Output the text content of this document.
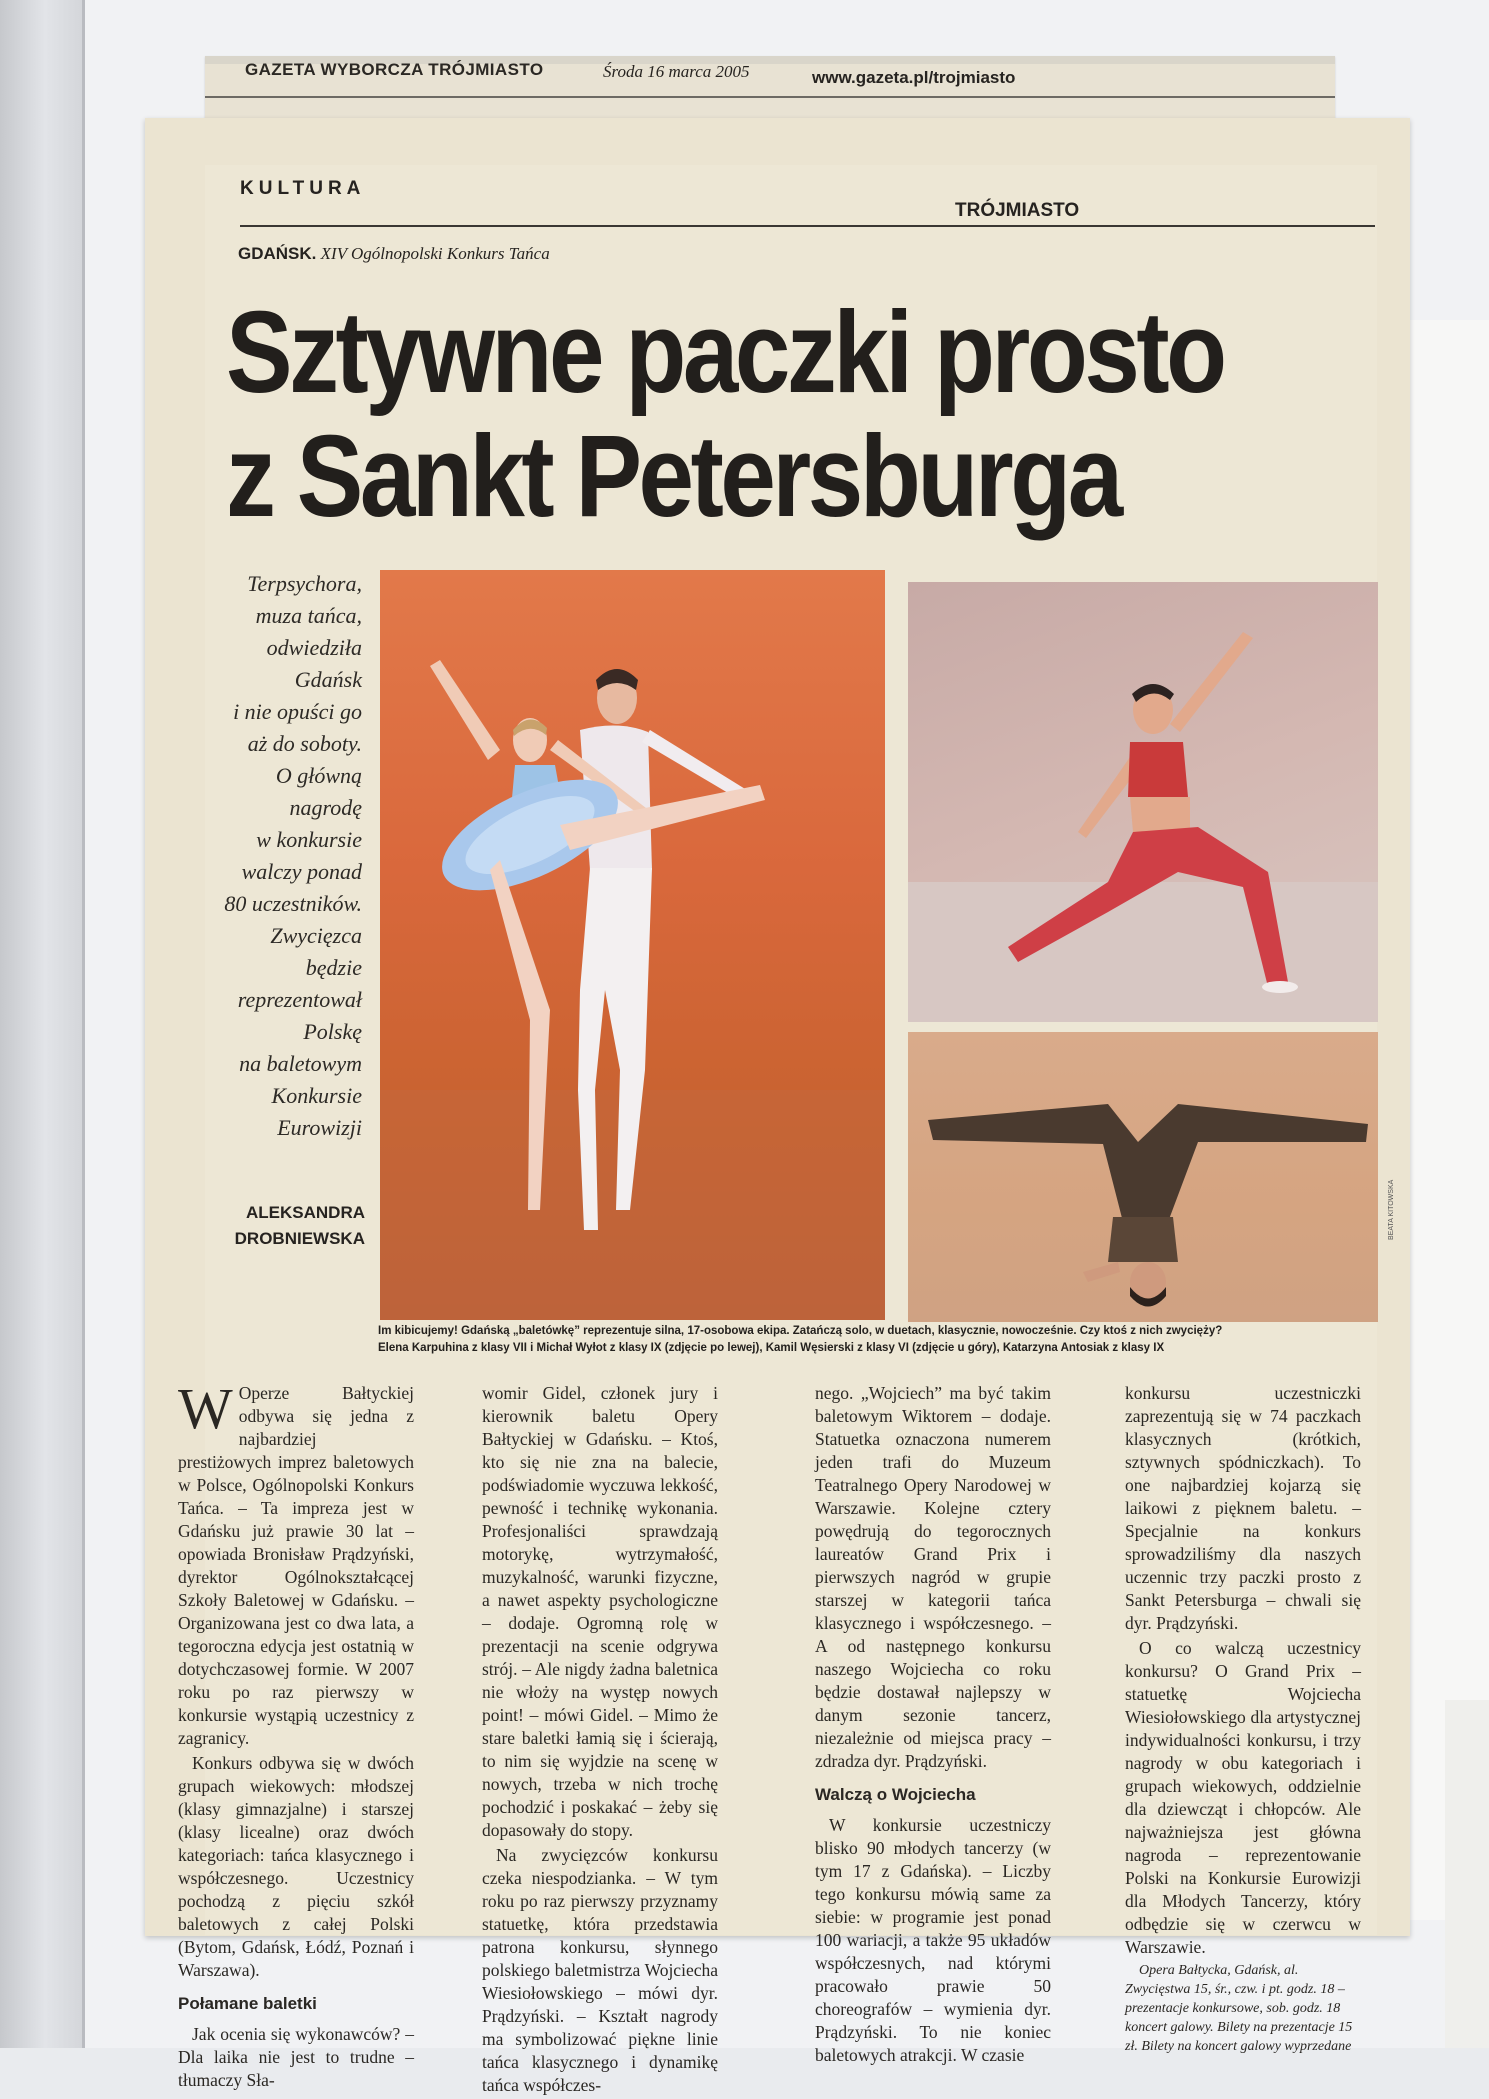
GAZETA WYBORCZA TRÓJMIASTO	Środa 16 marca 2005	www.gazeta.pl/trojmiasto
KULTURA
TRÓJMIASTO
GDAŃSK. XIV Ogólnopolski Konkurs Tańca
Sztywne paczki prosto
z Sankt Petersburga
Terpsychora,
muza tańca,
odwiedziła
Gdańsk
i nie opuści go
aż do soboty.
O główną
nagrodę
w konkursie
walczy ponad
80 uczestników.
Zwycięzca
będzie
reprezentował
Polskę
na baletowym
Konkursie
Eurowizji
ALEKSANDRA
DROBNIEWSKA	BEATA KITOWSKA
Im kibicujemy! Gdańską „baletówkę” reprezentuje silna, 17-osobowa ekipa. Zatańczą solo, w duetach, klasycznie, nowocześnie. Czy ktoś z nich zwycięży?
Elena Karpuhina z klasy VII i Michał Wyłot z klasy IX (zdjęcie po lewej), Kamil Węsierski z klasy VI (zdjęcie u góry), Katarzyna Antosiak z klasy IX

W Operze Bałtyckiej odbywa się jedna z najbardziej prestiżowych imprez baletowych w Polsce, Ogólnopolski Konkurs Tańca. – Ta impreza jest w Gdańsku już prawie 30 lat – opowiada Bronisław Prądzyński, dyrektor Ogólnokształcącej Szkoły Baletowej w Gdańsku. – Organizowana jest co dwa lata, a tegoroczna edycja jest ostatnią w dotychczasowej formie. W 2007 roku po raz pierwszy w konkursie wystąpią uczestnicy z zagranicy.

Konkurs odbywa się w dwóch grupach wiekowych: młodszej (klasy gimnazjalne) i starszej (klasy licealne) oraz dwóch kategoriach: tańca klasycznego i współczesnego. Uczestnicy pochodzą z pięciu szkół baletowych z całej Polski (Bytom, Gdańsk, Łódź, Poznań i Warszawa).

Połamane baletki

Jak ocenia się wykonawców? – Dla laika nie jest to trudne – tłumaczy Sła-

womir Gidel, członek jury i kierownik baletu Opery Bałtyckiej w Gdańsku. – Ktoś, kto się nie zna na balecie, podświadomie wyczuwa lekkość, pewność i technikę wykonania. Profesjonaliści sprawdzają motorykę, wytrzymałość, muzykalność, warunki fizyczne, a nawet aspekty psychologiczne – dodaje. Ogromną rolę w prezentacji na scenie odgrywa strój. – Ale nigdy żadna baletnica nie włoży na występ nowych point! – mówi Gidel. – Mimo że stare baletki łamią się i ścierają, to nim się wyjdzie na scenę w nowych, trzeba w nich trochę pochodzić i poskakać – żeby się dopasowały do stopy.

Na zwycięzców konkursu czeka niespodzianka. – W tym roku po raz pierwszy przyznamy statuetkę, która przedstawia patrona konkursu, słynnego polskiego baletmistrza Wojciecha Wiesiołowskiego – mówi dyr. Prądzyński. – Kształt nagrody ma symbolizować piękne linie tańca klasycznego i dynamikę tańca współczes-

nego. „Wojciech” ma być takim baletowym Wiktorem – dodaje. Statuetka oznaczona numerem jeden trafi do Muzeum Teatralnego Opery Narodowej w Warszawie. Kolejne cztery powędrują do tegorocznych laureatów Grand Prix i pierwszych nagród w grupie starszej w kategorii tańca klasycznego i współczesnego. – A od następnego konkursu naszego Wojciecha co roku będzie dostawał najlepszy w danym sezonie tancerz, niezależnie od miejsca pracy – zdradza dyr. Prądzyński.

Walczą o Wojciecha

W konkursie uczestniczy blisko 90 młodych tancerzy (w tym 17 z Gdańska). – Liczby tego konkursu mówią same za siebie: w programie jest ponad 100 wariacji, a także 95 układów współczesnych, nad którymi pracowało prawie 50 choreografów – wymienia dyr. Prądzyński. To nie koniec baletowych atrakcji. W czasie

konkursu uczestniczki zaprezentują się w 74 paczkach klasycznych (krótkich, sztywnych spódniczkach). To one najbardziej kojarzą się laikowi z pięknem baletu. – Specjalnie na konkurs sprowadziliśmy dla naszych uczennic trzy paczki prosto z Sankt Petersburga – chwali się dyr. Prądzyński.

O co walczą uczestnicy konkursu? O Grand Prix – statuetkę Wojciecha Wiesiołowskiego dla artystycznej indywidualności konkursu, i trzy nagrody w obu kategoriach i grupach wiekowych, oddzielnie dla dziewcząt i chłopców. Ale najważniejsza jest główna nagroda – reprezentowanie Polski na Konkursie Eurowizji dla Młodych Tancerzy, który odbędzie się w czerwcu w Warszawie.

Opera Bałtycka, Gdańsk, al. Zwycięstwa 15, śr., czw. i pt. godz. 18 – prezentacje konkursowe, sob. godz. 18 koncert galowy. Bilety na prezentacje 15 zł. Bilety na koncert galowy wyprzedane
